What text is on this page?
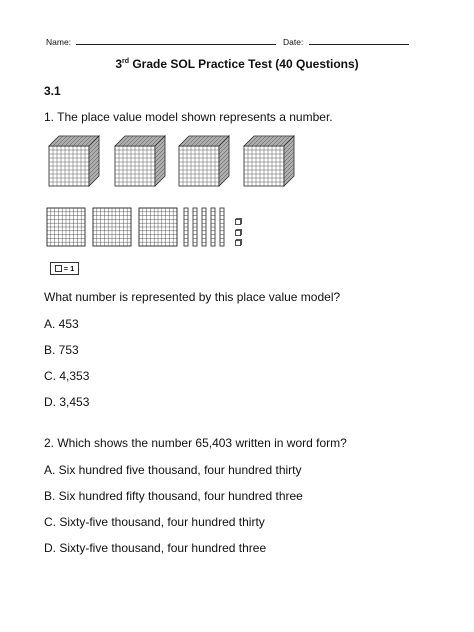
Name:	Date:
3rd Grade SOL Practice Test (40 Questions)
3.1
1. The place value model shown represents a number.
= 1
What number is represented by this place value model?
A. 453
B. 753
C. 4,353
D. 3,453
2. Which shows the number 65,403 written in word form?
A. Six hundred five thousand, four hundred thirty
B. Six hundred fifty thousand, four hundred three
C. Sixty-five thousand, four hundred thirty
D. Sixty-five thousand, four hundred three
